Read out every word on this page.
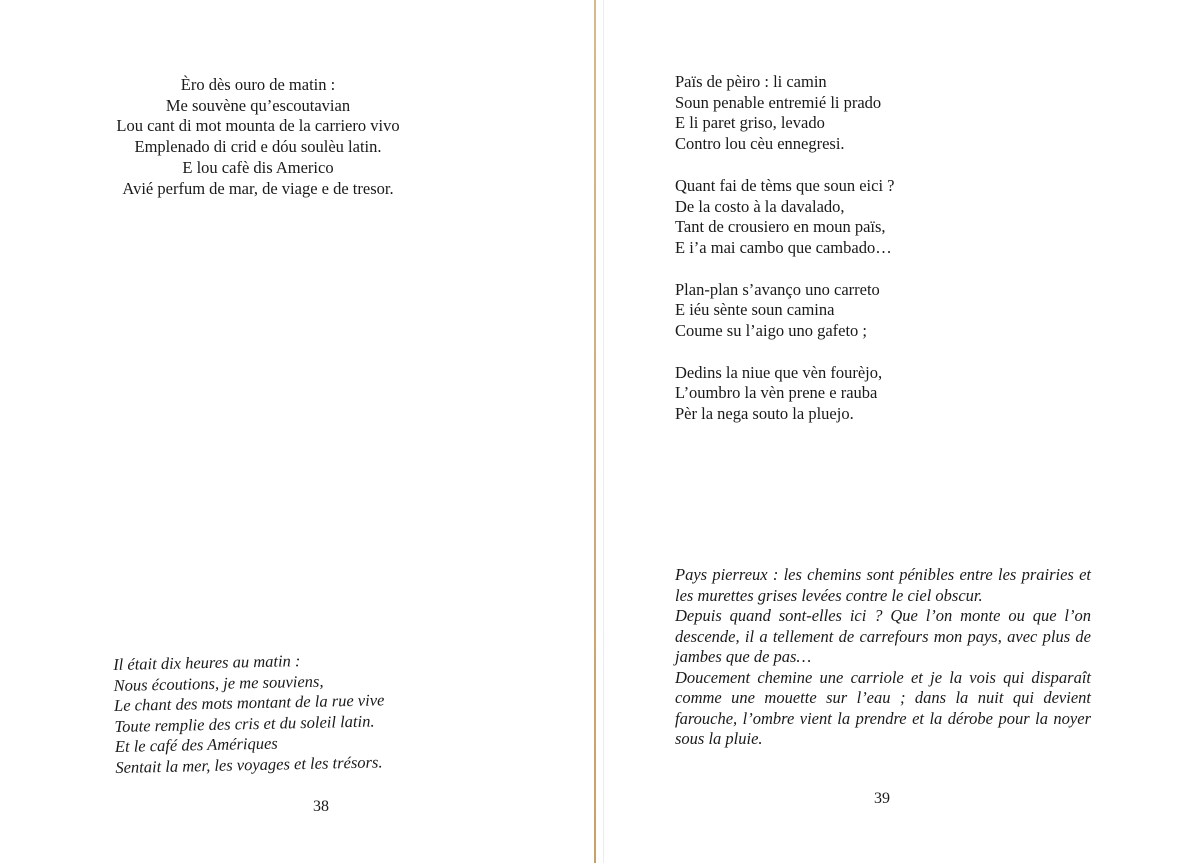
Èro dès ouro de matin :
Me souvène qu’escoutavian
Lou cant di mot mounta de la carriero vivo
Emplenado di crid e dóu soulèu latin.
E lou cafè dis Americo
Avié perfum de mar, de viage e de tresor.
Il était dix heures au matin :
Nous écoutions, je me souviens,
Le chant des mots montant de la rue vive
Toute remplie des cris et du soleil latin.
Et le café des Amériques
Sentait la mer, les voyages et les trésors.
38
Païs de pèiro : li camin
Soun penable entremié li prado
E li paret griso, levado
Contro lou cèu ennegresi.
Quant fai de tèms que soun eici ?
De la costo à la davalado,
Tant de crousiero en moun païs,
E i’a mai cambo que cambado…
Plan-plan s’avanço uno carreto
E iéu sènte soun camina
Coume su l’aigo uno gafeto ;
Dedins la niue que vèn fourèjo,
L’oumbro la vèn prene e rauba
Pèr la nega souto la pluejo.

Pays pierreux : les chemins sont pénibles entre les prairies et les murettes grises levées contre le ciel obscur.

Depuis quand sont-elles ici ? Que l’on monte ou que l’on descende, il a tellement de carrefours mon pays, avec plus de jambes que de pas…

Doucement chemine une carriole et je la vois qui disparaît comme une mouette sur l’eau ; dans la nuit qui devient farouche, l’ombre vient la prendre et la dérobe pour la noyer sous la pluie.

39
